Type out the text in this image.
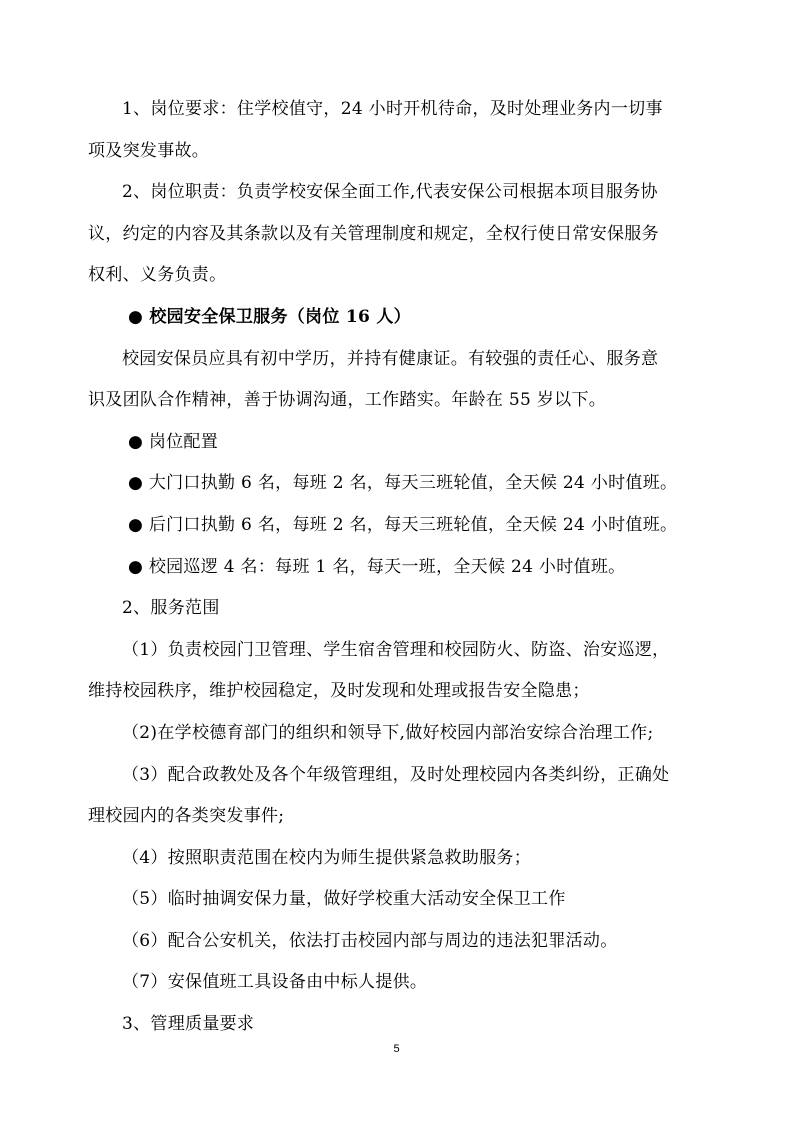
1、岗位要求：住学校值守，24 小时开机待命，及时处理业务内一切事
项及突发事故。
2、岗位职责：负责学校安保全面工作,代表安保公司根据本项目服务协
议，约定的内容及其条款以及有关管理制度和规定，全权行使日常安保服务
权利、义务负责。
● 校园安全保卫服务（岗位 16 人）
校园安保员应具有初中学历，并持有健康证。有较强的责任心、服务意
识及团队合作精神，善于协调沟通，工作踏实。年龄在 55 岁以下。
● 岗位配置
● 大门口执勤 6 名，每班 2 名，每天三班轮值，全天候 24 小时值班。
● 后门口执勤 6 名，每班 2 名，每天三班轮值，全天候 24 小时值班。
● 校园巡逻 4 名：每班 1 名，每天一班，全天候 24 小时值班。
2、服务范围
（1）负责校园门卫管理、学生宿舍管理和校园防火、防盗、治安巡逻，
维持校园秩序，维护校园稳定，及时发现和处理或报告安全隐患；
（2)在学校德育部门的组织和领导下,做好校园内部治安综合治理工作;
（3）配合政教处及各个年级管理组，及时处理校园内各类纠纷，正确处
理校园内的各类突发事件;
（4）按照职责范围在校内为师生提供紧急救助服务；
（5）临时抽调安保力量，做好学校重大活动安全保卫工作
（6）配合公安机关，依法打击校园内部与周边的违法犯罪活动。
（7）安保值班工具设备由中标人提供。
3、管理质量要求
5
